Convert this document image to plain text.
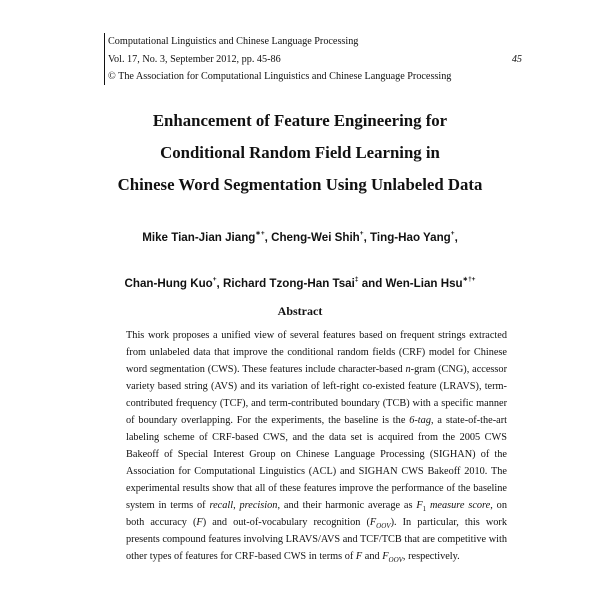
Computational Linguistics and Chinese Language Processing
Vol. 17, No. 3, September 2012, pp. 45-86	45
© The Association for Computational Linguistics and Chinese Language Processing
Enhancement of Feature Engineering for
Conditional Random Field Learning in
Chinese Word Segmentation Using Unlabeled Data
Mike Tian-Jian Jiang∗+, Cheng-Wei Shih+, Ting-Hao Yang+,
Chan-Hung Kuo+, Richard Tzong-Han Tsai‡ and Wen-Lian Hsu∗†+
Abstract
This work proposes a unified view of several features based on frequent strings extracted from unlabeled data that improve the conditional random fields (CRF) model for Chinese word segmentation (CWS). These features include character-based n-gram (CNG), accessor variety based string (AVS) and its variation of left-right co-existed feature (LRAVS), term-contributed frequency (TCF), and term-contributed boundary (TCB) with a specific manner of boundary overlapping. For the experiments, the baseline is the 6-tag, a state-of-the-art labeling scheme of CRF-based CWS, and the data set is acquired from the 2005 CWS Bakeoff of Special Interest Group on Chinese Language Processing (SIGHAN) of the Association for Computational Linguistics (ACL) and SIGHAN CWS Bakeoff 2010. The experimental results show that all of these features improve the performance of the baseline system in terms of recall, precision, and their harmonic average as $F_1$ measure score, on both accuracy (F) and out-of-vocabulary recognition $(F_{OOV})$. In particular, this work presents compound features involving LRAVS/AVS and TCF/TCB that are competitive with other types of features for CRF-based CWS in terms of F and $F_{OOV}$, respectively.
